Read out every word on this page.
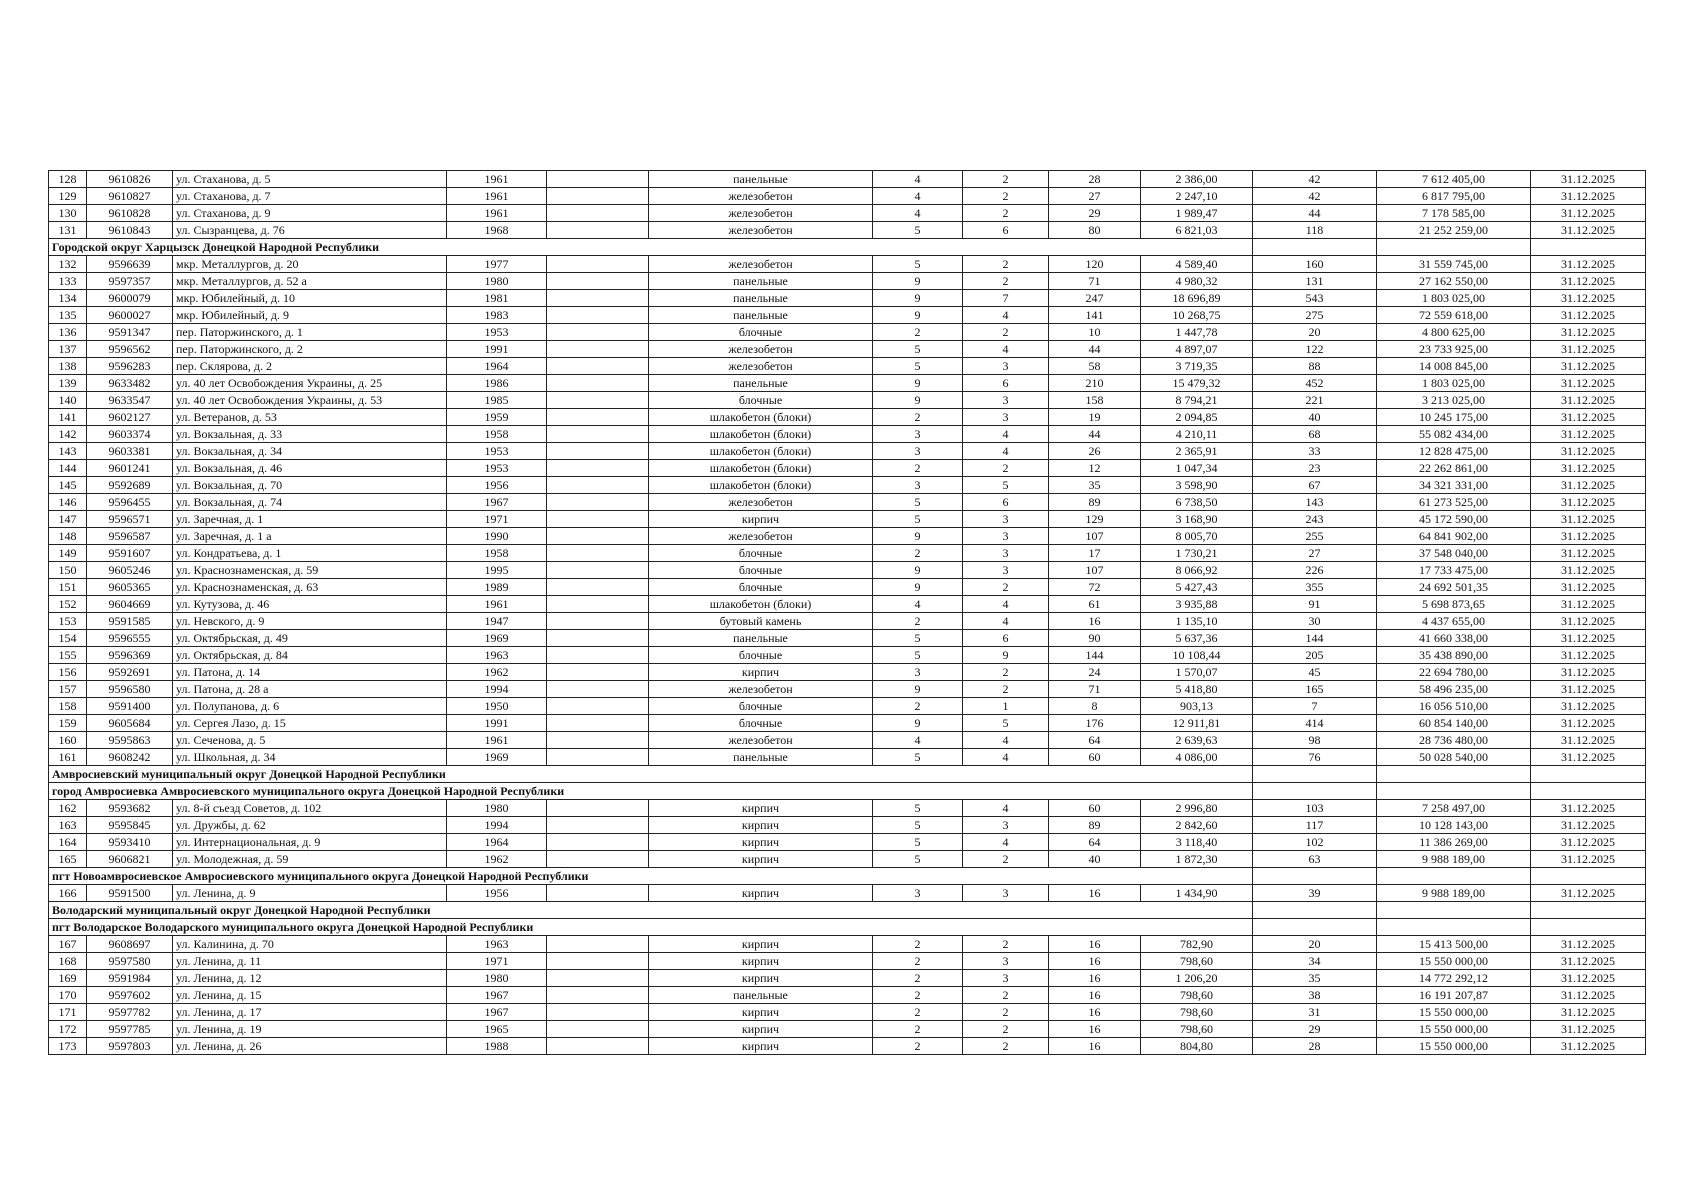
128	9610826	ул. Стаханова, д. 5	1961		панельные	4	2	28	2 386,00	42	7 612 405,00	31.12.2025
129	9610827	ул. Стаханова, д. 7	1961		железобетон	4	2	27	2 247,10	42	6 817 795,00	31.12.2025
130	9610828	ул. Стаханова, д. 9	1961		железобетон	4	2	29	1 989,47	44	7 178 585,00	31.12.2025
131	9610843	ул. Сызранцева, д. 76	1968		железобетон	5	6	80	6 821,03	118	21 252 259,00	31.12.2025
Городской округ Харцызск Донецкой Народной Республики												
132	9596639	мкр. Металлургов, д. 20	1977		железобетон	5	2	120	4 589,40	160	31 559 745,00	31.12.2025
133	9597357	мкр. Металлургов, д. 52 а	1980		панельные	9	2	71	4 980,32	131	27 162 550,00	31.12.2025
134	9600079	мкр. Юбилейный, д. 10	1981		панельные	9	7	247	18 696,89	543	1 803 025,00	31.12.2025
135	9600027	мкр. Юбилейный, д. 9	1983		панельные	9	4	141	10 268,75	275	72 559 618,00	31.12.2025
136	9591347	пер. Паторжинского, д. 1	1953		блочные	2	2	10	1 447,78	20	4 800 625,00	31.12.2025
137	9596562	пер. Паторжинского, д. 2	1991		железобетон	5	4	44	4 897,07	122	23 733 925,00	31.12.2025
138	9596283	пер. Склярова, д. 2	1964		железобетон	5	3	58	3 719,35	88	14 008 845,00	31.12.2025
139	9633482	ул. 40 лет Освобождения Украины, д. 25	1986		панельные	9	6	210	15 479,32	452	1 803 025,00	31.12.2025
140	9633547	ул. 40 лет Освобождения Украины, д. 53	1985		блочные	9	3	158	8 794,21	221	3 213 025,00	31.12.2025
141	9602127	ул. Ветеранов, д. 53	1959		шлакобетон (блоки)	2	3	19	2 094,85	40	10 245 175,00	31.12.2025
142	9603374	ул. Вокзальная, д. 33	1958		шлакобетон (блоки)	3	4	44	4 210,11	68	55 082 434,00	31.12.2025
143	9603381	ул. Вокзальная, д. 34	1953		шлакобетон (блоки)	3	4	26	2 365,91	33	12 828 475,00	31.12.2025
144	9601241	ул. Вокзальная, д. 46	1953		шлакобетон (блоки)	2	2	12	1 047,34	23	22 262 861,00	31.12.2025
145	9592689	ул. Вокзальная, д. 70	1956		шлакобетон (блоки)	3	5	35	3 598,90	67	34 321 331,00	31.12.2025
146	9596455	ул. Вокзальная, д. 74	1967		железобетон	5	6	89	6 738,50	143	61 273 525,00	31.12.2025
147	9596571	ул. Заречная, д. 1	1971		кирпич	5	3	129	3 168,90	243	45 172 590,00	31.12.2025
148	9596587	ул. Заречная, д. 1 а	1990		железобетон	9	3	107	8 005,70	255	64 841 902,00	31.12.2025
149	9591607	ул. Кондратьева, д. 1	1958		блочные	2	3	17	1 730,21	27	37 548 040,00	31.12.2025
150	9605246	ул. Краснознаменская, д. 59	1995		блочные	9	3	107	8 066,92	226	17 733 475,00	31.12.2025
151	9605365	ул. Краснознаменская, д. 63	1989		блочные	9	2	72	5 427,43	355	24 692 501,35	31.12.2025
152	9604669	ул. Кутузова, д. 46	1961		шлакобетон (блоки)	4	4	61	3 935,88	91	5 698 873,65	31.12.2025
153	9591585	ул. Невского, д. 9	1947		бутовый камень	2	4	16	1 135,10	30	4 437 655,00	31.12.2025
154	9596555	ул. Октябрьская, д. 49	1969		панельные	5	6	90	5 637,36	144	41 660 338,00	31.12.2025
155	9596369	ул. Октябрьская, д. 84	1963		блочные	5	9	144	10 108,44	205	35 438 890,00	31.12.2025
156	9592691	ул. Патона, д. 14	1962		кирпич	3	2	24	1 570,07	45	22 694 780,00	31.12.2025
157	9596580	ул. Патона, д. 28 а	1994		железобетон	9	2	71	5 418,80	165	58 496 235,00	31.12.2025
158	9591400	ул. Полупанова, д. 6	1950		блочные	2	1	8	903,13	7	16 056 510,00	31.12.2025
159	9605684	ул. Сергея Лазо, д. 15	1991		блочные	9	5	176	12 911,81	414	60 854 140,00	31.12.2025
160	9595863	ул. Сеченова, д. 5	1961		железобетон	4	4	64	2 639,63	98	28 736 480,00	31.12.2025
161	9608242	ул. Школьная, д. 34	1969		панельные	5	4	60	4 086,00	76	50 028 540,00	31.12.2025
Амвросиевский муниципальный округ Донецкой Народной Республики												
город Амвросиевка Амвросиевского муниципального округа Донецкой Народной Республики												
162	9593682	ул. 8-й съезд Советов, д. 102	1980		кирпич	5	4	60	2 996,80	103	7 258 497,00	31.12.2025
163	9595845	ул. Дружбы, д. 62	1994		кирпич	5	3	89	2 842,60	117	10 128 143,00	31.12.2025
164	9593410	ул. Интернациональная, д. 9	1964		кирпич	5	4	64	3 118,40	102	11 386 269,00	31.12.2025
165	9606821	ул. Молодежная, д. 59	1962		кирпич	5	2	40	1 872,30	63	9 988 189,00	31.12.2025
пгт Новоамвросиевское Амвросиевского муниципального округа Донецкой Народной Республики												
166	9591500	ул. Ленина, д. 9	1956		кирпич	3	3	16	1 434,90	39	9 988 189,00	31.12.2025
Володарский муниципальный округ Донецкой Народной Республики												
пгт Володарское Володарского муниципального округа Донецкой Народной Республики												
167	9608697	ул. Калинина, д. 70	1963		кирпич	2	2	16	782,90	20	15 413 500,00	31.12.2025
168	9597580	ул. Ленина, д. 11	1971		кирпич	2	3	16	798,60	34	15 550 000,00	31.12.2025
169	9591984	ул. Ленина, д. 12	1980		кирпич	2	3	16	1 206,20	35	14 772 292,12	31.12.2025
170	9597602	ул. Ленина, д. 15	1967		панельные	2	2	16	798,60	38	16 191 207,87	31.12.2025
171	9597782	ул. Ленина, д. 17	1967		кирпич	2	2	16	798,60	31	15 550 000,00	31.12.2025
172	9597785	ул. Ленина, д. 19	1965		кирпич	2	2	16	798,60	29	15 550 000,00	31.12.2025
173	9597803	ул. Ленина, д. 26	1988		кирпич	2	2	16	804,80	28	15 550 000,00	31.12.2025
